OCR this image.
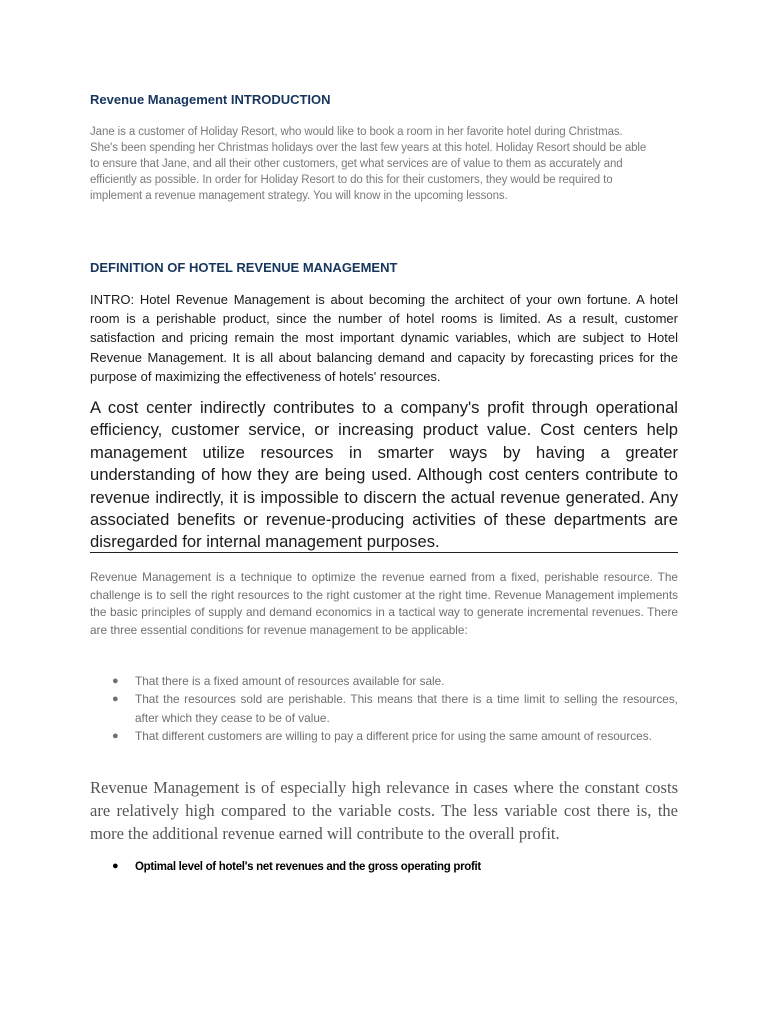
Revenue Management INTRODUCTION

Jane is a customer of Holiday Resort, who would like to book a room in her favorite hotel during Christmas. She's been spending her Christmas holidays over the last few years at this hotel. Holiday Resort should be able to ensure that Jane, and all their other customers, get what services are of value to them as accurately and efficiently as possible. In order for Holiday Resort to do this for their customers, they would be required to implement a revenue management strategy. You will know in the upcoming lessons.

DEFINITION OF HOTEL REVENUE MANAGEMENT

INTRO: Hotel Revenue Management is about becoming the architect of your own fortune. A hotel room is a perishable product, since the number of hotel rooms is limited. As a result, customer satisfaction and pricing remain the most important dynamic variables, which are subject to Hotel Revenue Management. It is all about balancing demand and capacity by forecasting prices for the purpose of maximizing the effectiveness of hotels' resources.

A cost center indirectly contributes to a company's profit through operational efficiency, customer service, or increasing product value. Cost centers help management utilize resources in smarter ways by having a greater understanding of how they are being used. Although cost centers contribute to revenue indirectly, it is impossible to discern the actual revenue generated. Any associated benefits or revenue-producing activities of these departments are disregarded for internal management purposes.

Revenue Management is a technique to optimize the revenue earned from a fixed, perishable resource. The challenge is to sell the right resources to the right customer at the right time. Revenue Management implements the basic principles of supply and demand economics in a tactical way to generate incremental revenues. There are three essential conditions for revenue management to be applicable:

● That there is a fixed amount of resources available for sale.
● That the resources sold are perishable. This means that there is a time limit to selling the resources, after which they cease to be of value.
● That different customers are willing to pay a different price for using the same amount of resources.

Revenue Management is of especially high relevance in cases where the constant costs are relatively high compared to the variable costs. The less variable cost there is, the more the additional revenue earned will contribute to the overall profit.

● Optimal level of hotel's net revenues and the gross operating profit
